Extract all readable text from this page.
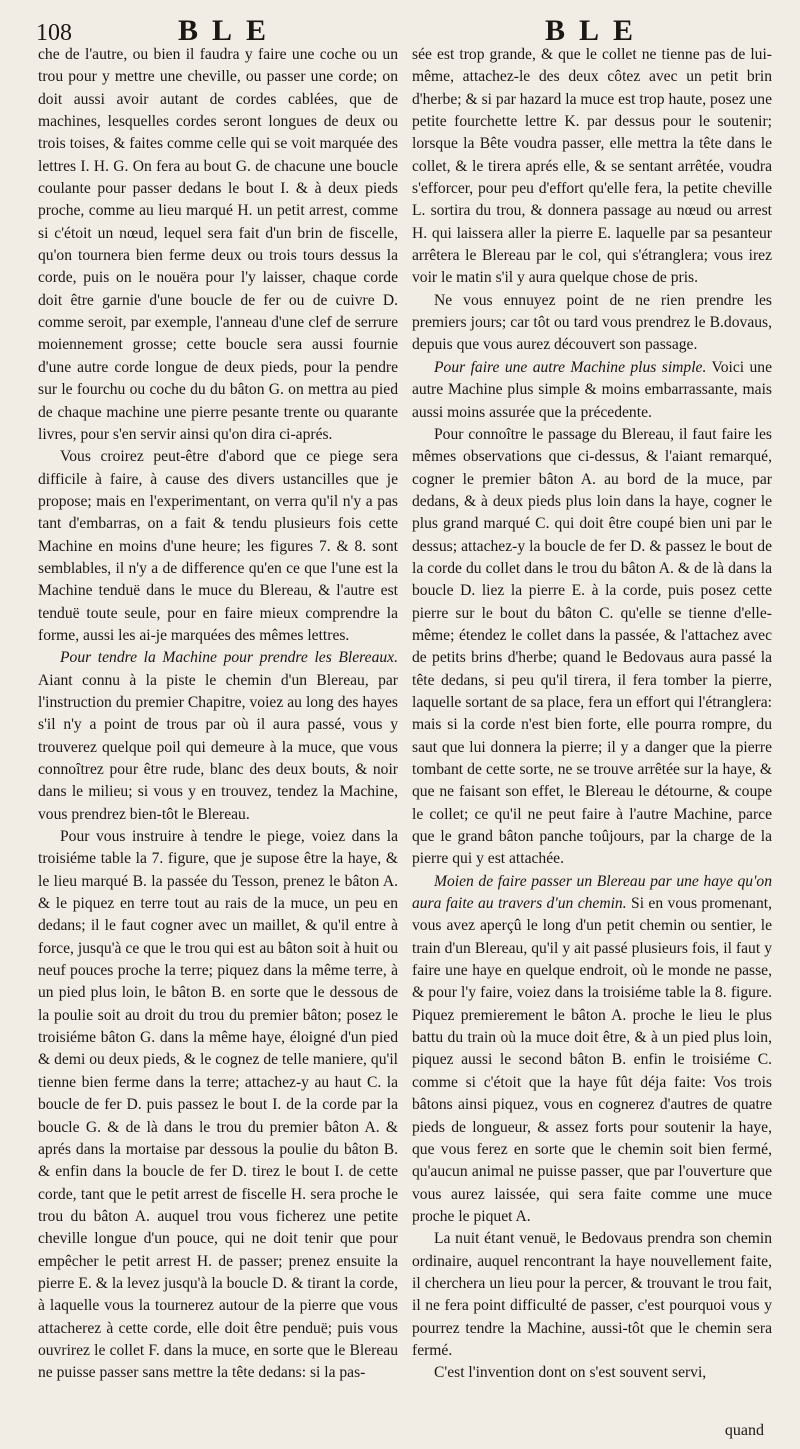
108	BLE	BLE

che de l'autre, ou bien il faudra y faire une coche ou un trou pour y mettre une cheville, ou passer une corde; on doit aussi avoir autant de cordes cablées, que de machines, lesquelles cordes seront longues de deux ou trois toises, & faites comme celle qui se voit marquée des lettres I. H. G. On fera au bout G. de chacune une boucle coulante pour passer dedans le bout I. & à deux pieds proche, comme au lieu marqué H. un petit arrest, comme si c'étoit un nœud, lequel sera fait d'un brin de fiscelle, qu'on tournera bien ferme deux ou trois tours dessus la corde, puis on le nouëra pour l'y laisser, chaque corde doit être garnie d'une boucle de fer ou de cuivre D. comme seroit, par exemple, l'anneau d'une clef de serrure moiennement grosse; cette boucle sera aussi fournie d'une autre corde longue de deux pieds, pour la pendre sur le fourchu ou coche du du bâton G. on mettra au pied de chaque machine une pierre pesante trente ou quarante livres, pour s'en servir ainsi qu'on dira ci-aprés.

Vous croirez peut-être d'abord que ce piege sera difficile à faire, à cause des divers ustancilles que je propose; mais en l'experimentant, on verra qu'il n'y a pas tant d'embarras, on a fait & tendu plusieurs fois cette Machine en moins d'une heure; les figures 7. & 8. sont semblables, il n'y a de difference qu'en ce que l'une est la Machine tenduë dans le muce du Blereau, & l'autre est tenduë toute seule, pour en faire mieux comprendre la forme, aussi les ai-je marquées des mêmes lettres.

Pour tendre la Machine pour prendre les Blereaux. Aiant connu à la piste le chemin d'un Blereau, par l'instruction du premier Chapitre, voiez au long des hayes s'il n'y a point de trous par où il aura passé, vous y trouverez quelque poil qui demeure à la muce, que vous connoîtrez pour être rude, blanc des deux bouts, & noir dans le milieu; si vous y en trouvez, tendez la Machine, vous prendrez bien-tôt le Blereau.

Pour vous instruire à tendre le piege, voiez dans la troisiéme table la 7. figure, que je supose être la haye, & le lieu marqué B. la passée du Tesson, prenez le bâton A. & le piquez en terre tout au rais de la muce, un peu en dedans; il le faut cogner avec un maillet, & qu'il entre à force, jusqu'à ce que le trou qui est au bâton soit à huit ou neuf pouces proche la terre; piquez dans la même terre, à un pied plus loin, le bâton B. en sorte que le dessous de la poulie soit au droit du trou du premier bâton; posez le troisiéme bâton G. dans la même haye, éloigné d'un pied & demi ou deux pieds, & le cognez de telle maniere, qu'il tienne bien ferme dans la terre; attachez-y au haut C. la boucle de fer D. puis passez le bout I. de la corde par la boucle G. & de là dans le trou du premier bâton A. & aprés dans la mortaise par dessous la poulie du bâton B. & enfin dans la boucle de fer D. tirez le bout I. de cette corde, tant que le petit arrest de fiscelle H. sera proche le trou du bâton A. auquel trou vous ficherez une petite cheville longue d'un pouce, qui ne doit tenir que pour empêcher le petit arrest H. de passer; prenez ensuite la pierre E. & la levez jusqu'à la boucle D. & tirant la corde, à laquelle vous la tournerez autour de la pierre que vous attacherez à cette corde, elle doit être penduë; puis vous ouvrirez le collet F. dans la muce, en sorte que le Blereau ne puisse passer sans mettre la tête dedans: si la pas-

sée est trop grande, & que le collet ne tienne pas de lui-même, attachez-le des deux côtez avec un petit brin d'herbe; & si par hazard la muce est trop haute, posez une petite fourchette lettre K. par dessus pour le soutenir; lorsque la Bête voudra passer, elle mettra la tête dans le collet, & le tirera aprés elle, & se sentant arrêtée, voudra s'efforcer, pour peu d'effort qu'elle fera, la petite cheville L. sortira du trou, & donnera passage au nœud ou arrest H. qui laissera aller la pierre E. laquelle par sa pesanteur arrêtera le Blereau par le col, qui s'étranglera; vous irez voir le matin s'il y aura quelque chose de pris.

Ne vous ennuyez point de ne rien prendre les premiers jours; car tôt ou tard vous prendrez le B.dovaus, depuis que vous aurez découvert son passage.

Pour faire une autre Machine plus simple. Voici une autre Machine plus simple & moins embarrassante, mais aussi moins assurée que la précedente.

Pour connoître le passage du Blereau, il faut faire les mêmes observations que ci-dessus, & l'aiant remarqué, cogner le premier bâton A. au bord de la muce, par dedans, & à deux pieds plus loin dans la haye, cogner le plus grand marqué C. qui doit être coupé bien uni par le dessus; attachez-y la boucle de fer D. & passez le bout de la corde du collet dans le trou du bâton A. & de là dans la boucle D. liez la pierre E. à la corde, puis posez cette pierre sur le bout du bâton C. qu'elle se tienne d'elle-même; étendez le collet dans la passée, & l'attachez avec de petits brins d'herbe; quand le Bedovaus aura passé la tête dedans, si peu qu'il tirera, il fera tomber la pierre, laquelle sortant de sa place, fera un effort qui l'étranglera: mais si la corde n'est bien forte, elle pourra rompre, du saut que lui donnera la pierre; il y a danger que la pierre tombant de cette sorte, ne se trouve arrêtée sur la haye, & que ne faisant son effet, le Blereau le détourne, & coupe le collet; ce qu'il ne peut faire à l'autre Machine, parce que le grand bâton panche toûjours, par la charge de la pierre qui y est attachée.

Moien de faire passer un Blereau par une haye qu'on aura faite au travers d'un chemin. Si en vous promenant, vous avez aperçû le long d'un petit chemin ou sentier, le train d'un Blereau, qu'il y ait passé plusieurs fois, il faut y faire une haye en quelque endroit, où le monde ne passe, & pour l'y faire, voiez dans la troisiéme table la 8. figure. Piquez premierement le bâton A. proche le lieu le plus battu du train où la muce doit être, & à un pied plus loin, piquez aussi le second bâton B. enfin le troisiéme C. comme si c'étoit que la haye fût déja faite: Vos trois bâtons ainsi piquez, vous en cognerez d'autres de quatre pieds de longueur, & assez forts pour soutenir la haye, que vous ferez en sorte que le chemin soit bien fermé, qu'aucun animal ne puisse passer, que par l'ouverture que vous aurez laissée, qui sera faite comme une muce proche le piquet A.

La nuit étant venuë, le Bedovaus prendra son chemin ordinaire, auquel rencontrant la haye nouvellement faite, il cherchera un lieu pour la percer, & trouvant le trou fait, il ne fera point difficulté de passer, c'est pourquoi vous y pourrez tendre la Machine, aussi-tôt que le chemin sera fermé.

C'est l'invention dont on s'est souvent servi,

quand
